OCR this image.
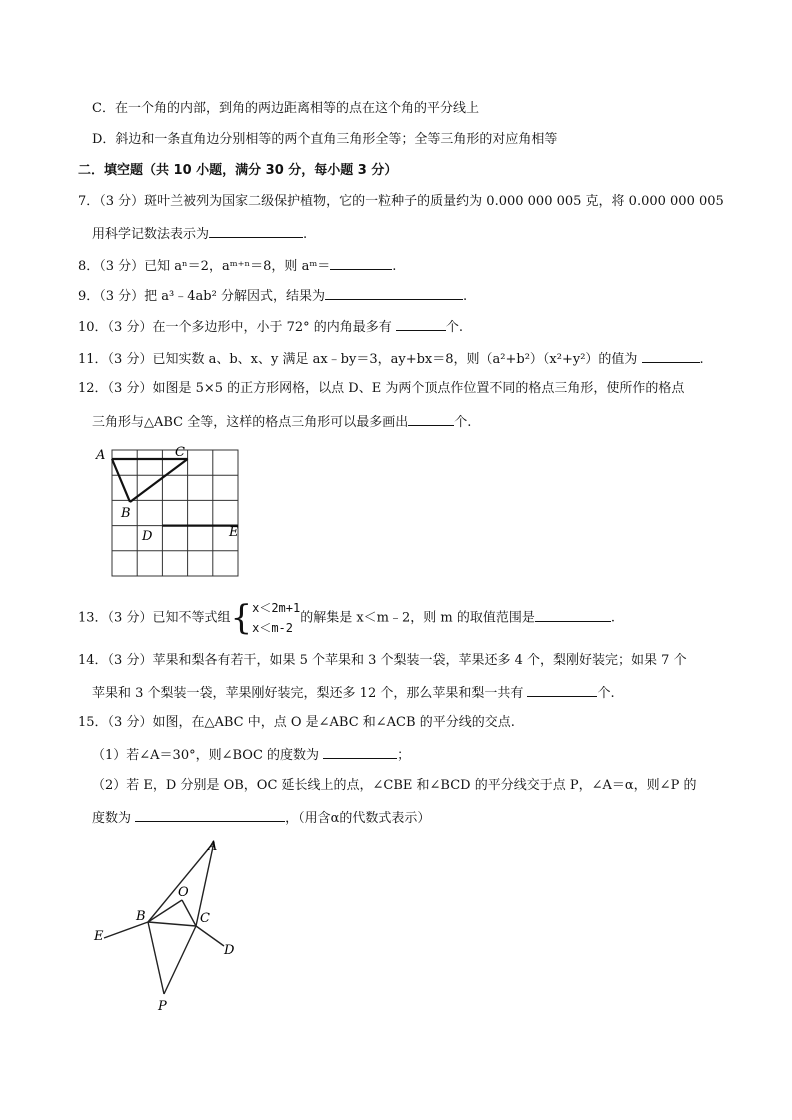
C．在一个角的内部，到角的两边距离相等的点在这个角的平分线上
D．斜边和一条直角边分别相等的两个直角三角形全等；全等三角形的对应角相等
二．填空题（共 10 小题，满分 30 分，每小题 3 分）
7．（3 分）斑叶兰被列为国家二级保护植物，它的一粒种子的质量约为 0.000 000 005 克，将 0.000 000 005
用科学记数法表示为	.
8．（3 分）已知 aⁿ＝2，aᵐ⁺ⁿ＝8，则 aᵐ＝	.
9．（3 分）把 a³﹣4ab² 分解因式，结果为	.
10．（3 分）在一个多边形中，小于 72° 的内角最多有	个.
11．（3 分）已知实数 a、b、x、y 满足 ax﹣by＝3，ay+bx＝8，则（a²+b²）（x²+y²）的值为	.
12．（3 分）如图是 5×5 的正方形网格，以点 D、E 为两个顶点作位置不同的格点三角形，使所作的格点
三角形与△ABC 全等，这样的格点三角形可以最多画出	个.
A	C
B
D	E
13．（3 分）已知不等式组{ x＜2m+1
x＜m-2
的解集是 x＜m﹣2，则 m 的取值范围是	.
14．（3 分）苹果和梨各有若干，如果 5 个苹果和 3 个梨装一袋，苹果还多 4 个，梨刚好装完；如果 7 个
苹果和 3 个梨装一袋，苹果刚好装完，梨还多 12 个，那么苹果和梨一共有	个.
15．（3 分）如图，在△ABC 中，点 O 是∠ABC 和∠ACB 的平分线的交点.
（1）若∠A＝30°，则∠BOC 的度数为	；
（2）若 E，D 分别是 OB，OC 延长线上的点，∠CBE 和∠BCD 的平分线交于点 P，∠A＝α，则∠P 的
度数为	，（用含α的代数式表示）
A
O
B	C
E
D
P
